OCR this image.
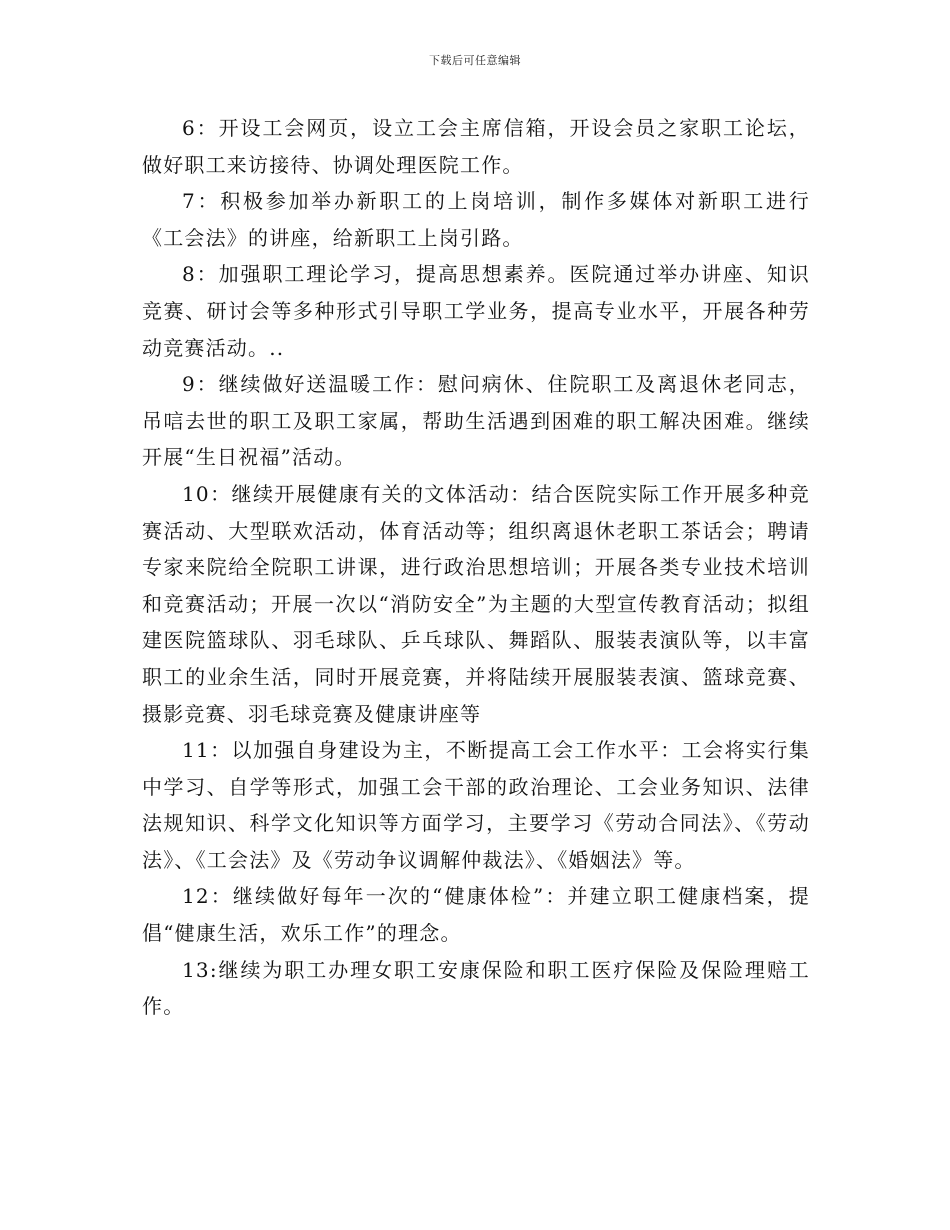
下载后可任意编辑

6：开设工会网页，设立工会主席信箱，开设会员之家职工论坛，做好职工来访接待、协调处理医院工作。

7：积极参加举办新职工的上岗培训，制作多媒体对新职工进行《工会法》的讲座，给新职工上岗引路。

8：加强职工理论学习，提高思想素养。医院通过举办讲座、知识竞赛、研讨会等多种形式引导职工学业务，提高专业水平，开展各种劳动竞赛活动。..

9：继续做好送温暖工作：慰问病休、住院职工及离退休老同志，吊唁去世的职工及职工家属，帮助生活遇到困难的职工解决困难。继续开展“生日祝福”活动。

10：继续开展健康有关的文体活动：结合医院实际工作开展多种竞赛活动、大型联欢活动，体育活动等；组织离退休老职工茶话会；聘请专家来院给全院职工讲课，进行政治思想培训；开展各类专业技术培训和竞赛活动；开展一次以“消防安全”为主题的大型宣传教育活动；拟组建医院篮球队、羽毛球队、乒乓球队、舞蹈队、服装表演队等，以丰富职工的业余生活，同时开展竞赛，并将陆续开展服装表演、篮球竞赛、摄影竞赛、羽毛球竞赛及健康讲座等

11：以加强自身建设为主，不断提高工会工作水平：工会将实行集中学习、自学等形式，加强工会干部的政治理论、工会业务知识、法律法规知识、科学文化知识等方面学习，主要学习《劳动合同法》、《劳动法》、《工会法》及《劳动争议调解仲裁法》、《婚姻法》等。

12：继续做好每年一次的“健康体检”：并建立职工健康档案，提倡“健康生活，欢乐工作”的理念。

13:继续为职工办理女职工安康保险和职工医疗保险及保险理赔工作。
